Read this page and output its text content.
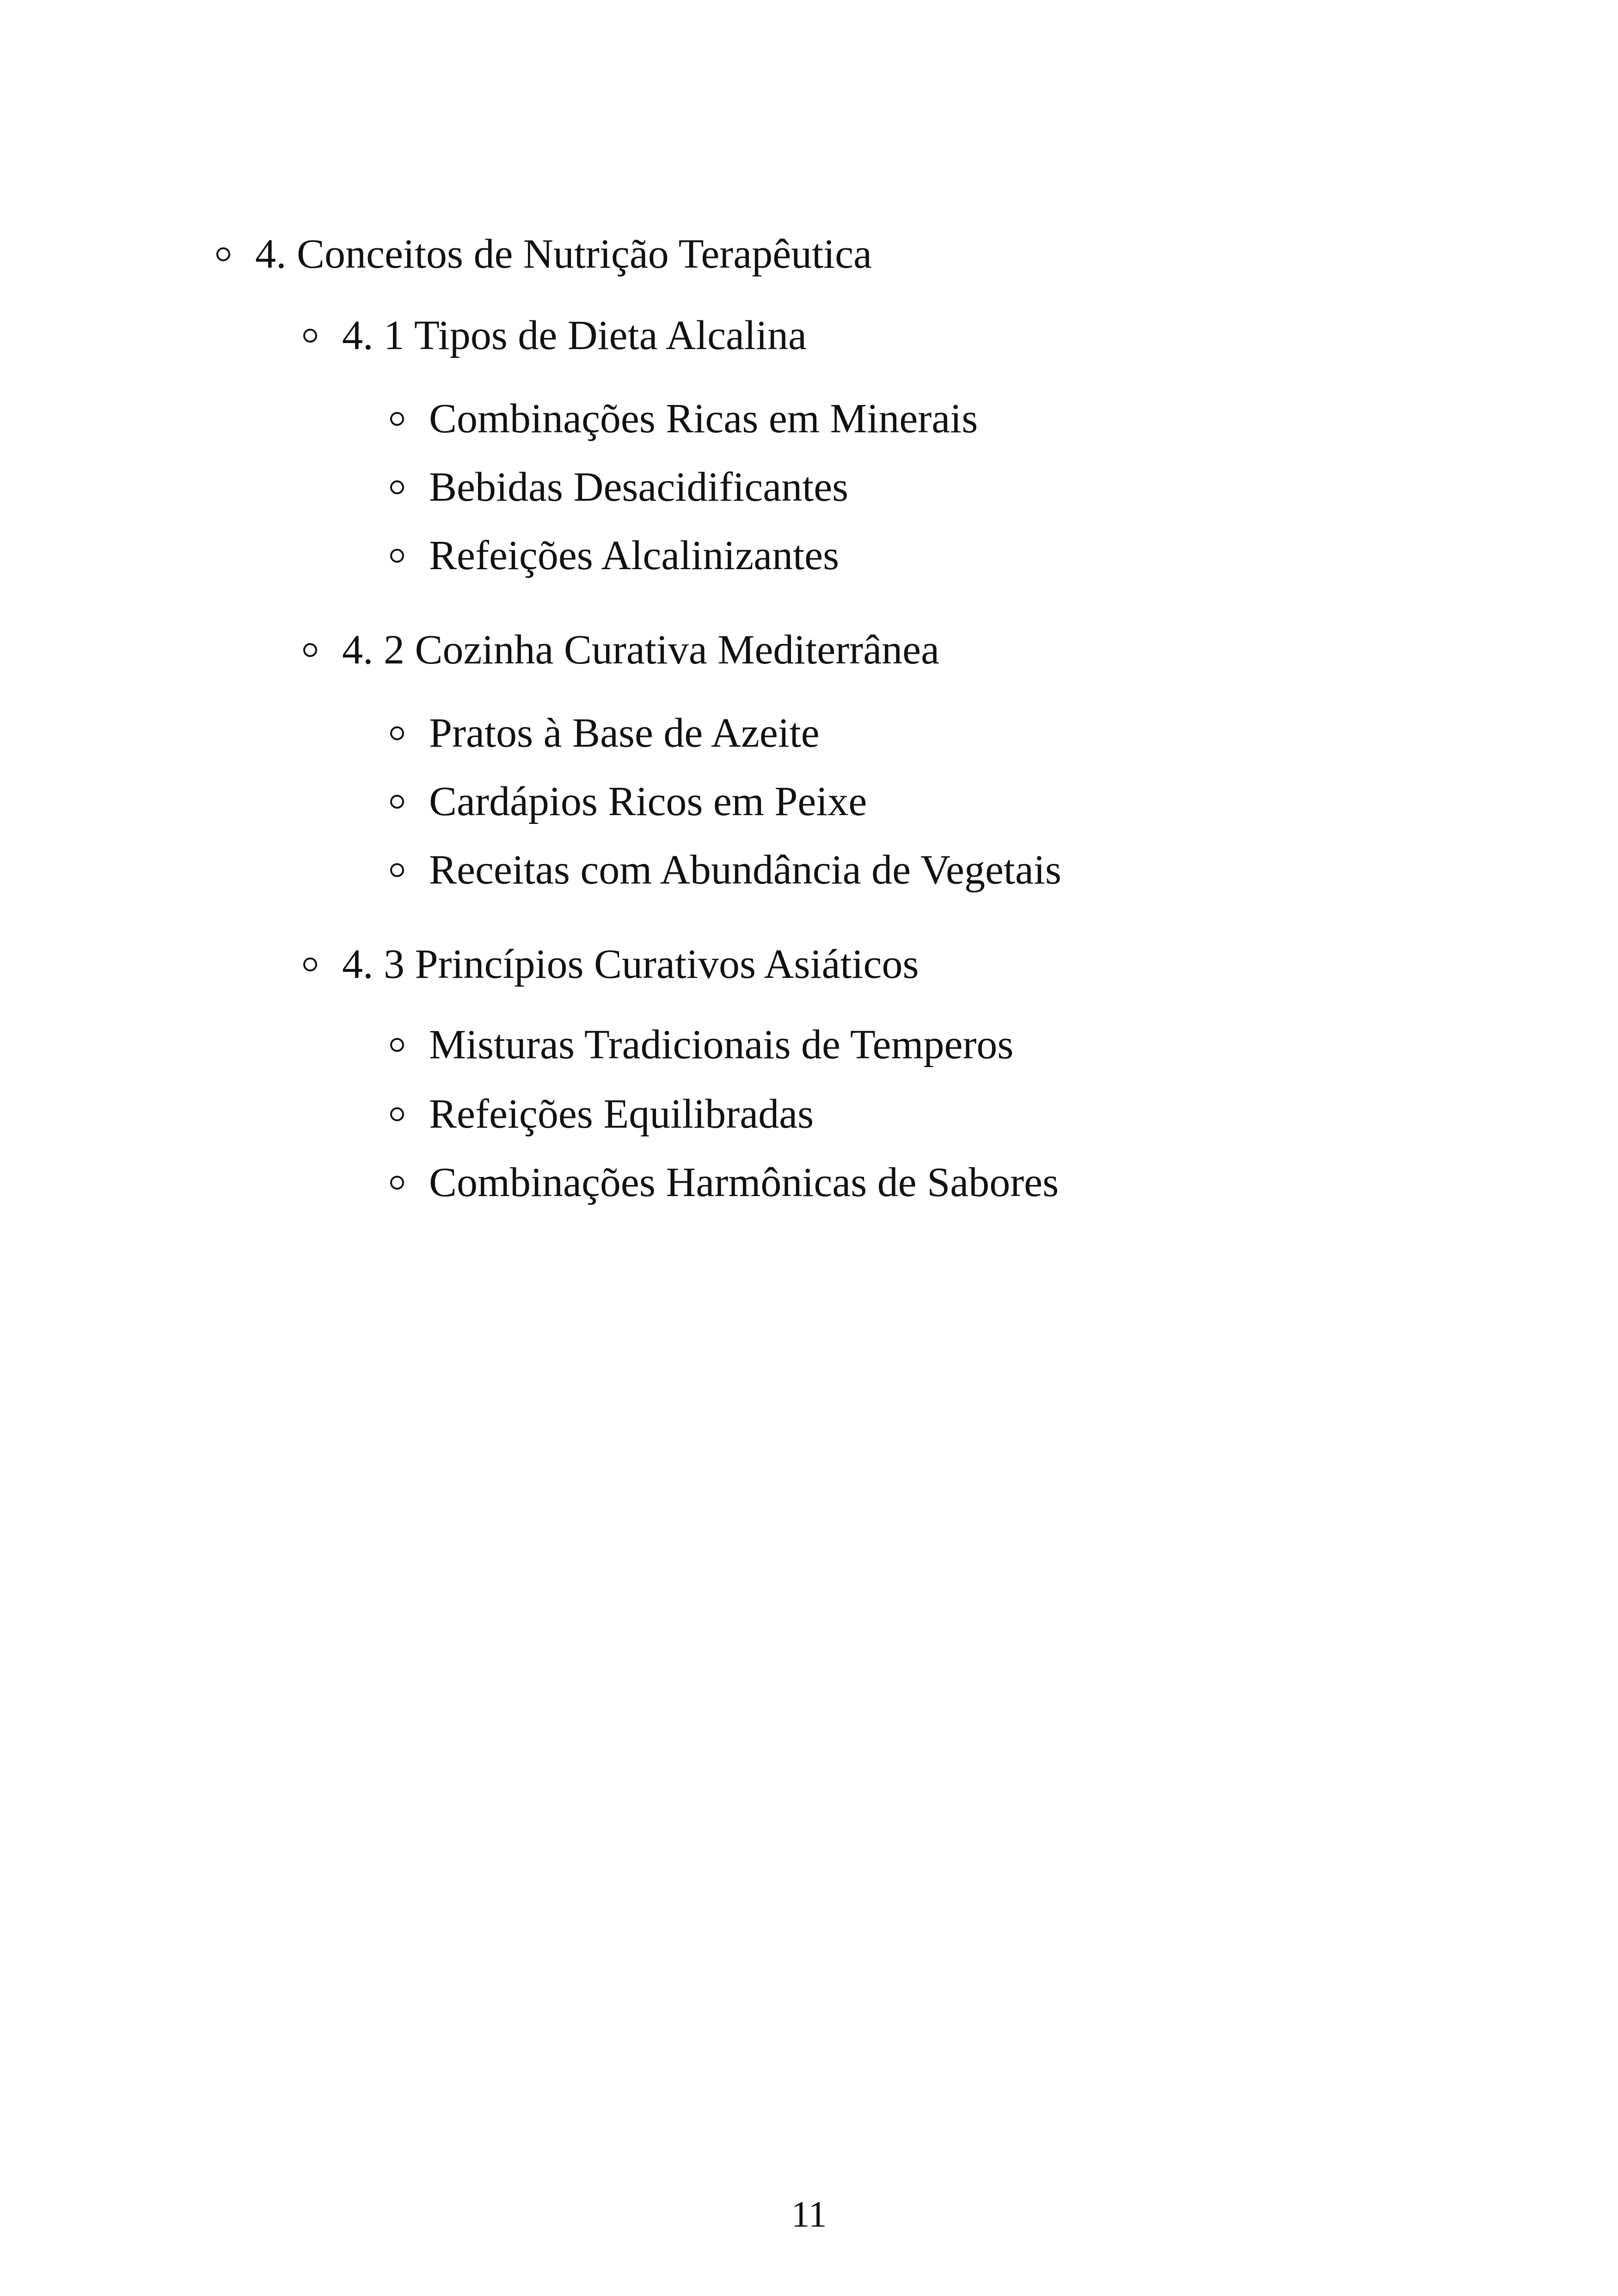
4. Conceitos de Nutrição Terapêutica
4. 1 Tipos de Dieta Alcalina
Combinações Ricas em Minerais
Bebidas Desacidificantes
Refeições Alcalinizantes
4. 2 Cozinha Curativa Mediterrânea
Pratos à Base de Azeite
Cardápios Ricos em Peixe
Receitas com Abundância de Vegetais
4. 3 Princípios Curativos Asiáticos
Misturas Tradicionais de Temperos
Refeições Equilibradas
Combinações Harmônicas de Sabores
11
